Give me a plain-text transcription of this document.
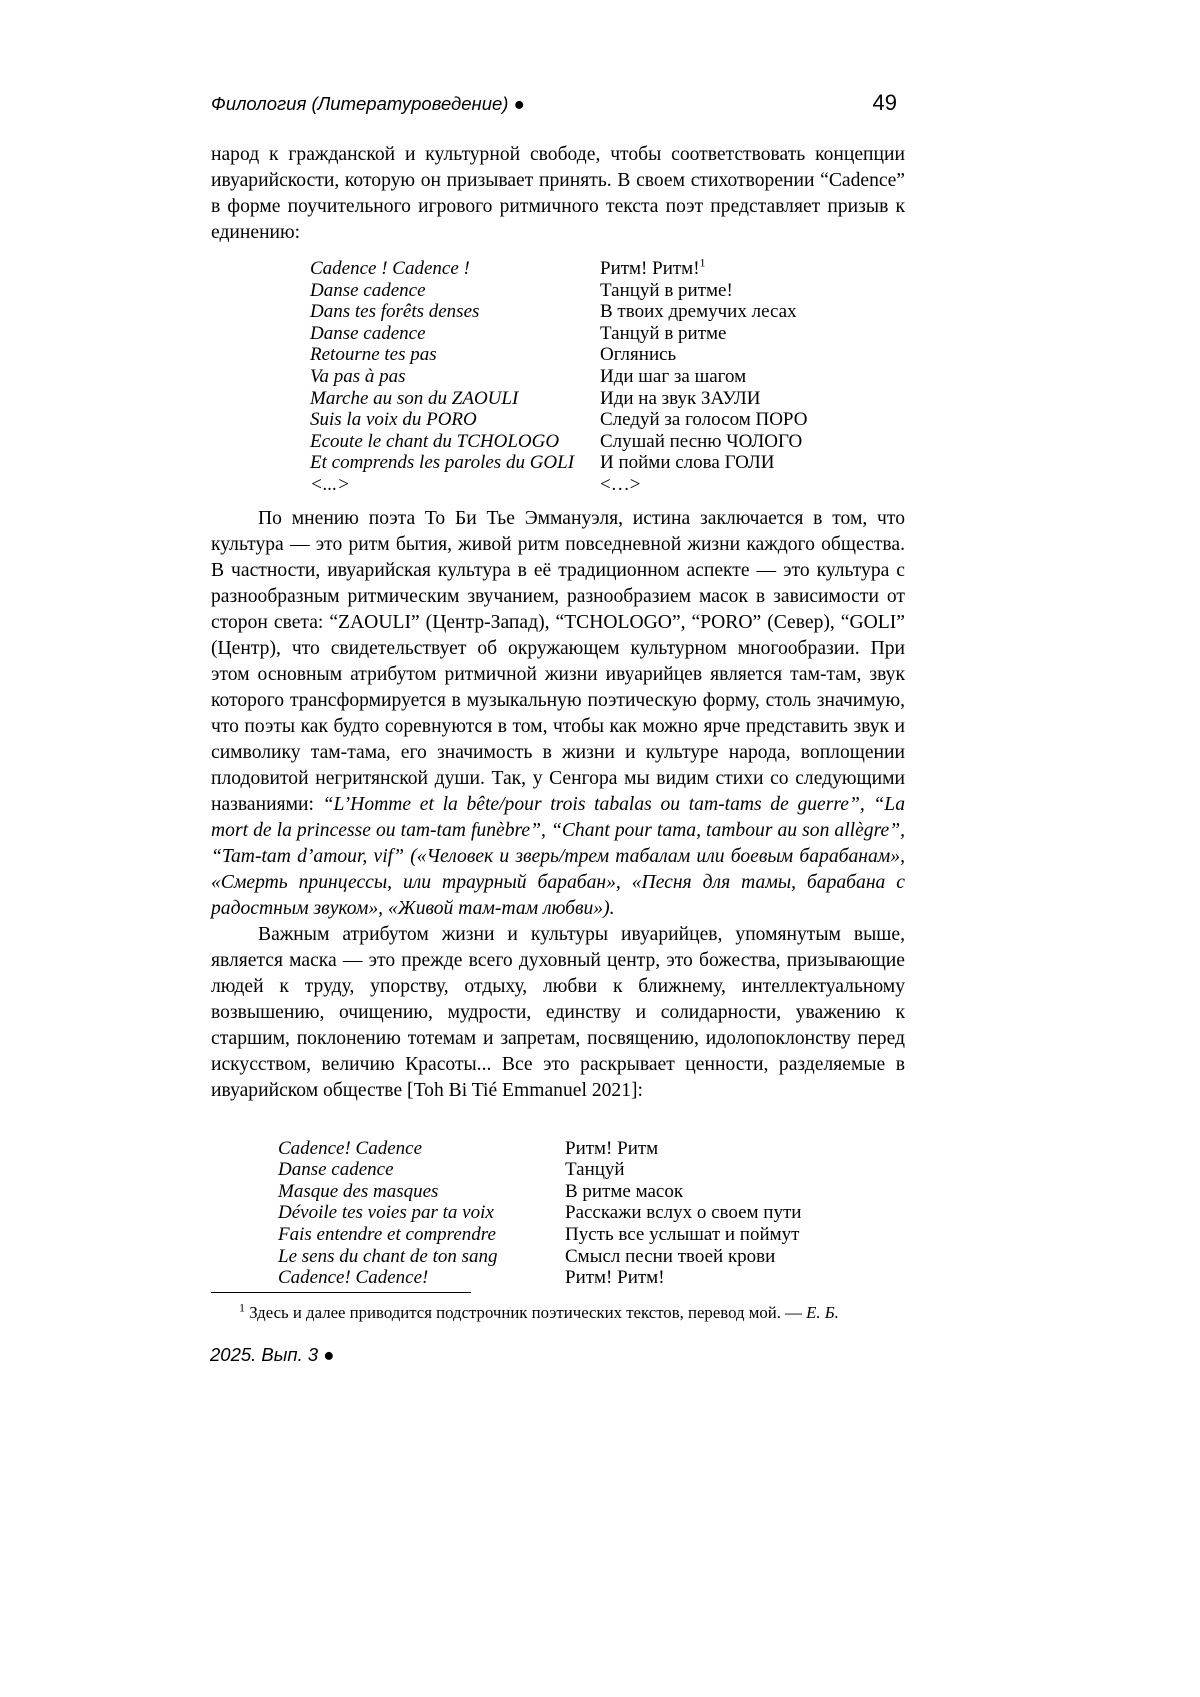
Филология (Литературоведение) ●	49

народ к гражданской и культурной свободе, чтобы соответствовать концепции ивуарийскости, которую он призывает принять. В своем стихотворении “Cadence” в форме поучительного игрового ритмичного текста поэт представляет призыв к единению:

Cadence ! Cadence !	Ритм! Ритм!$^1$
Danse cadence	Танцуй в ритме!
Dans tes forêts denses	В твоих дремучих лесах
Danse cadence	Танцуй в ритме
Retourne tes pas	Оглянись
Va pas à pas	Иди шаг за шагом
Marche au son du ZAOULI	Иди на звук ЗАУЛИ
Suis la voix du PORO	Следуй за голосом ПОРО
Ecoute le chant du TCHOLOGO	Слушай песню ЧОЛОГО
Et comprends les paroles du GOLI	И пойми слова ГОЛИ
<...>	<…>

По мнению поэта То Би Тье Эммануэля, истина заключается в том, что культура — это ритм бытия, живой ритм повседневной жизни каждого общества. В частности, ивуарийская культура в её традиционном аспекте — это культура с разнообразным ритмическим звучанием, разнообразием масок в зависимости от сторон света: “ZAOULI” (Центр-Запад), “TCHOLOGO”, “PORO” (Север), “GOLI” (Центр), что свидетельствует об окружающем культурном многообразии. При этом основным атрибутом ритмичной жизни ивуарийцев является там-там, звук которого трансформируется в музыкальную поэтическую форму, столь значимую, что поэты как будто соревнуются в том, чтобы как можно ярче представить звук и символику там-тама, его значимость в жизни и культуре народа, воплощении плодовитой негритянской души. Так, у Сенгора мы видим стихи со следующими названиями: “L’Homme et la bête/pour trois tabalas ou tam-tams de guerre”, “La mort de la princesse ou tam-tam funèbre”, “Chant pour tama, tambour au son allègre”, “Tam-tam d’amour, vif” («Человек и зверь/трем табалам или боевым барабанам», «Смерть принцессы, или траурный барабан», «Песня для тамы, барабана с радостным звуком», «Живой там-там любви»).

Важным атрибутом жизни и культуры ивуарийцев, упомянутым выше, является маска — это прежде всего духовный центр, это божества, призывающие людей к труду, упорству, отдыху, любви к ближнему, интеллектуальному возвышению, очищению, мудрости, единству и солидарности, уважению к старшим, поклонению тотемам и запретам, посвящению, идолопоклонству перед искусством, величию Красоты... Все это раскрывает ценности, разделяемые в ивуарийском обществе [Toh Bi Tié Emmanuel 2021]:

Cadence! Cadence	Ритм! Ритм
Danse cadence	Танцуй
Masque des masques	В ритме масок
Dévoile tes voies par ta voix	Расскажи вслух о своем пути
Fais entendre et comprendre	Пусть все услышат и поймут
Le sens du chant de ton sang	Смысл песни твоей крови
Cadence! Cadence!	Ритм! Ритм!

$^1$ Здесь и далее приводится подстрочник поэтических текстов, перевод мой. — Е. Б.

2025. Вып. 3 ●
